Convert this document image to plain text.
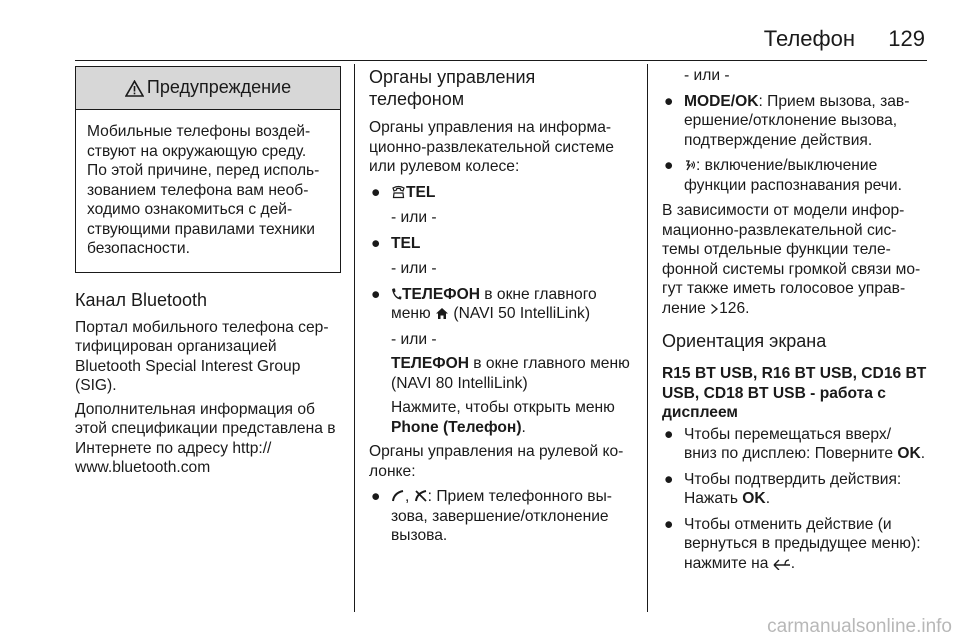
Телефон 129
Предупреждение
Мобильные телефоны воздей- ствуют на окружающую среду. По этой причине, перед исполь- зованием телефона вам необ- ходимо ознакомиться с дей- ствующими правилами техники безопасности.
Канал Bluetooth

Портал мобильного телефона сер- тифицирован организацией Bluetooth Special Interest Group (SIG).

Дополнительная информация об этой спецификации представлена в Интернете по адресу http:// www.bluetooth.com

Органы управления телефоном

Органы управления на информа- ционно-развлекательной системе или рулевом колесе:

● TEL
- или -
● TEL
- или -
● ТЕЛЕФОН в окне главного меню  (NAVI 50 IntelliLink)
- или -
ТЕЛЕФОН в окне главного меню (NAVI 80 IntelliLink)
Нажмите, чтобы открыть меню Phone (Телефон).

Органы управления на рулевой ко- лонке:

● , : Прием телефонного вы- зова, завершение/отклонение вызова.
- или -
● MODE/OK: Прием вызова, зав- ершение/отклонение вызова, подтверждение действия.
● : включение/выключение функции распознавания речи.

В зависимости от модели инфор- мационно-развлекательной сис- темы отдельные функции теле- фонной системы громкой связи мо- гут также иметь голосовое управ- ление 126.

Ориентация экрана
R15 BT USB, R16 BT USB, CD16 BT USB, CD18 BT USB - работа с дисплеем
● Чтобы перемещаться вверх/ вниз по дисплею: Поверните OK.
● Чтобы подтвердить действия: Нажать OK.
● Чтобы отменить действие (и вернуться в предыдущее меню): нажмите на .
carmanualsonline.info
